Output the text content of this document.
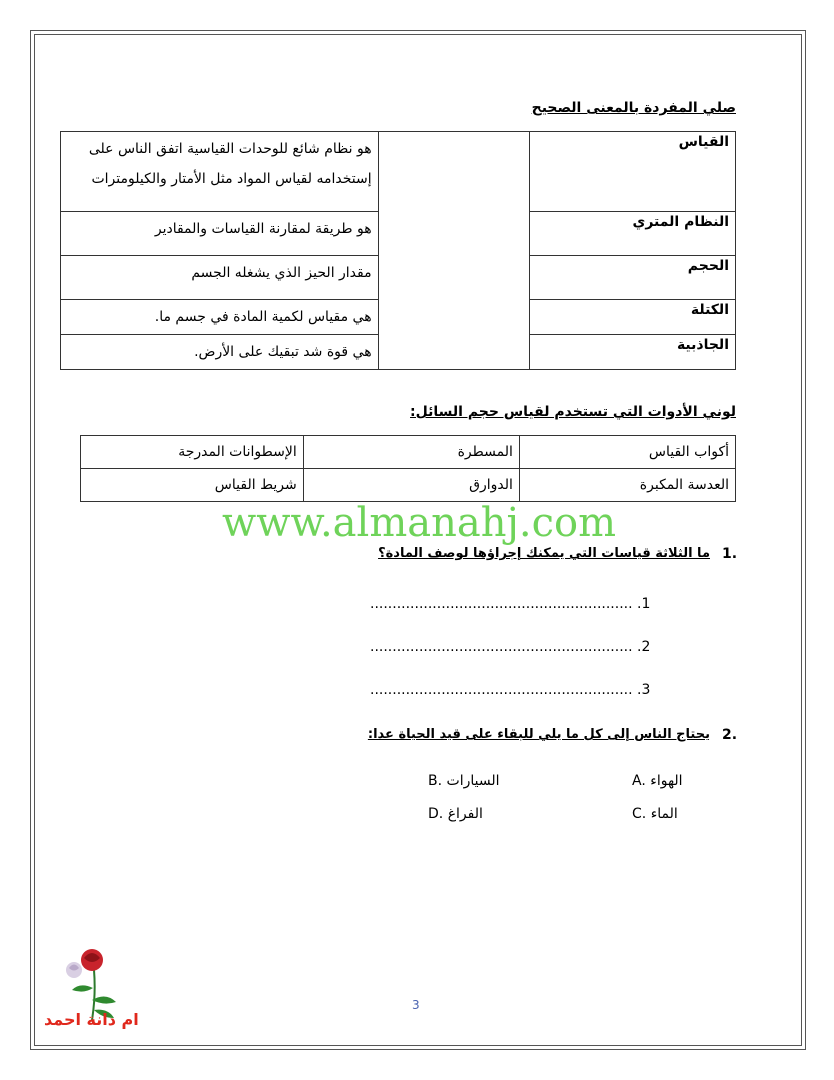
صلي المفردة بالمعنى الصحيح
القياس		هو نظام شائع للوحدات القياسية اتفق الناس على إستخدامه لقياس المواد مثل الأمتار والكيلومترات
النظام المتري		هو طريقة لمقارنة القياسات والمقادير
الحجم		مقدار الحيز الذي يشغله الجسم
الكتلة		هي مقياس لكمية المادة في جسم ما.
الجاذبية		هي قوة شد تبقيك على الأرض.
لوني الأدوات التي تستخدم لقياس حجم السائل:
أكواب القياس	المسطرة	الإسطوانات المدرجة
العدسة المكبرة	الدوارق	شريط القياس
www.almanahj.com
1.
ما الثلاثة قياسات التي يمكنك إجراؤها لوصف المادة؟
........................................................... .1
........................................................... .2
........................................................... .3
2.
يحتاج الناس إلى كل ما يلي للبقاء على قيد الحياة عدا:
A. الهواء
B. السيارات
C. الماء
D. الفراغ
3
ام دانة احمد
